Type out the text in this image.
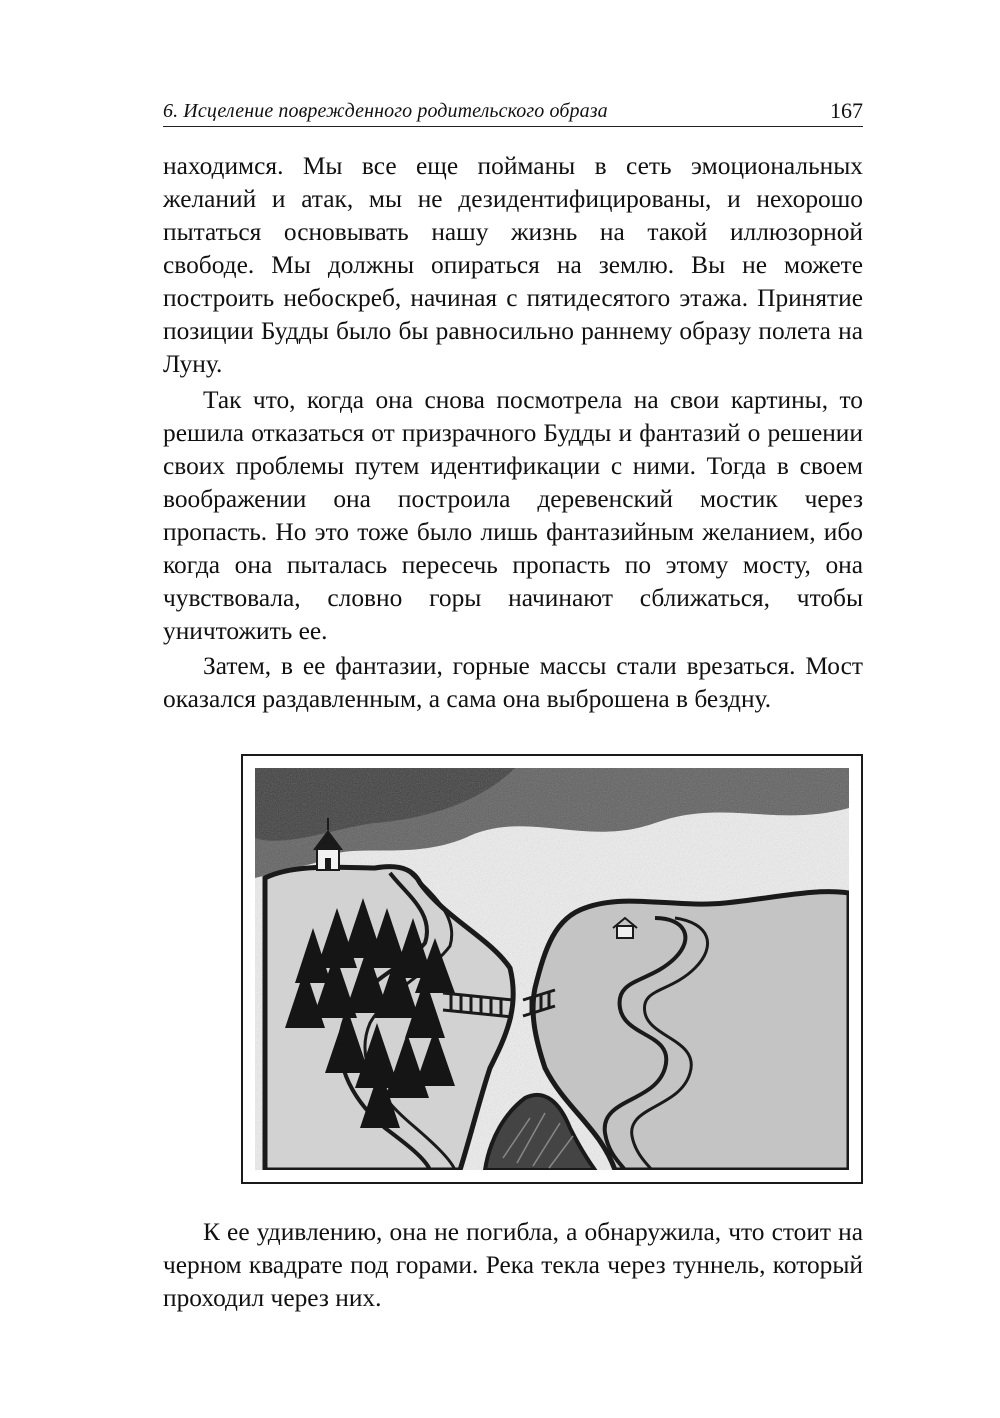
6. Исцеление поврежденного родительского образа	167

находимся. Мы все еще пойманы в сеть эмоциональных желаний и атак, мы не дезидентифицированы, и нехорошо пытаться основывать нашу жизнь на такой иллюзорной свободе. Мы должны опираться на землю. Вы не можете построить небоскреб, начиная с пятидесятого этажа. Принятие позиции Будды было бы равносильно раннему образу полета на Луну.

Так что, когда она снова посмотрела на свои картины, то решила отказаться от призрачного Будды и фантазий о решении своих проблемы путем идентификации с ними. Тогда в своем воображении она построила деревенский мостик через пропасть. Но это тоже было лишь фантазийным желанием, ибо когда она пыталась пересечь пропасть по этому мосту, она чувствовала, словно горы начинают сближаться, чтобы уничтожить ее.

Затем, в ее фантазии, горные массы стали врезаться. Мост оказался раздавленным, а сама она выброшена в бездну.

К ее удивлению, она не погибла, а обнаружила, что стоит на черном квадрате под горами. Река текла через туннель, который проходил через них.
